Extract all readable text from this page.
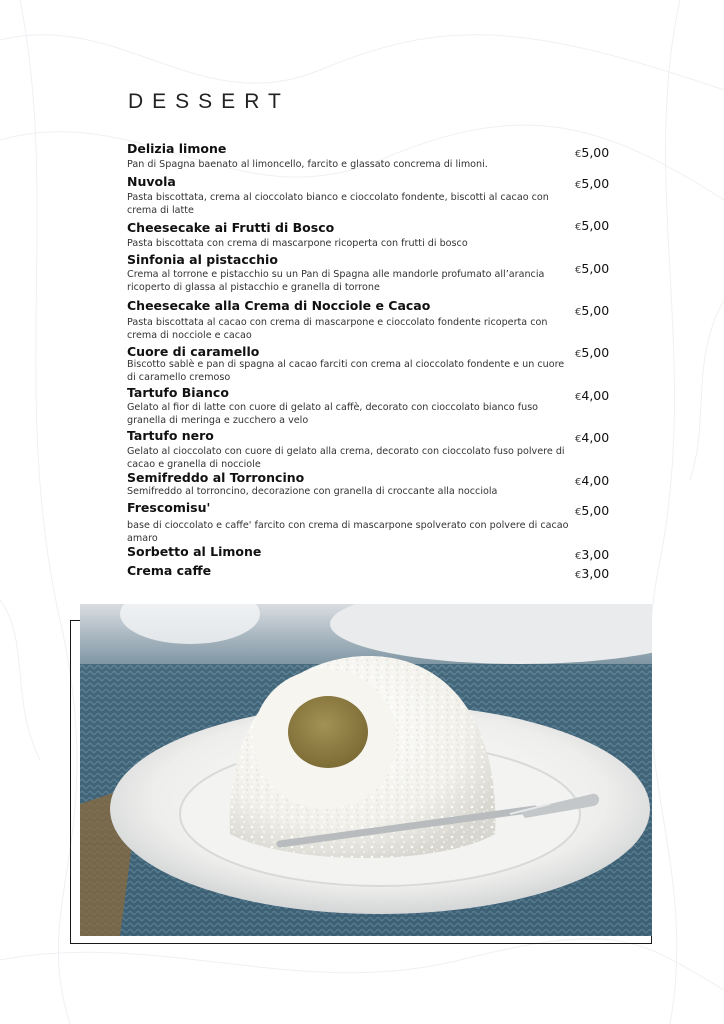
DESSERT
Delizia limone
Pan di Spagna baenato al limoncello, farcito e glassato concrema di limoni.
€5,00
Nuvola
Pasta biscottata, crema al cioccolato bianco e cioccolato fondente, biscotti al cacao con crema di latte
€5,00
Cheesecake ai Frutti di Bosco
Pasta biscottata con crema di mascarpone ricoperta con frutti di bosco
€5,00
Sinfonia al pistacchio
Crema al torrone e pistacchio su un Pan di Spagna alle mandorle profumato all’arancia ricoperto di glassa al pistacchio e granella di torrone
€5,00
Cheesecake alla Crema di Nocciole e Cacao
Pasta biscottata al cacao con crema di mascarpone e cioccolato fondente ricoperta con crema di nocciole e cacao
€5,00
Cuore di caramello
Biscotto sablè e pan di spagna al cacao farciti con crema al cioccolato fondente e un cuore di caramello cremoso
€5,00
Tartufo Bianco
Gelato al fior di latte con cuore di gelato al caffè, decorato con cioccolato bianco fuso granella di meringa e zucchero a velo
€4,00
Tartufo nero
Gelato al cioccolato con cuore di gelato alla crema, decorato con cioccolato fuso polvere di cacao e granella di nocciole
€4,00
Semifreddo al Torroncino
Semifreddo al torroncino, decorazione con granella di croccante alla nocciola
€4,00
Frescomisu'
base di cioccolato e caffe' farcito con crema di mascarpone spolverato con polvere di cacao amaro
€5,00
Sorbetto al Limone	€3,00
Crema caffe	€3,00
